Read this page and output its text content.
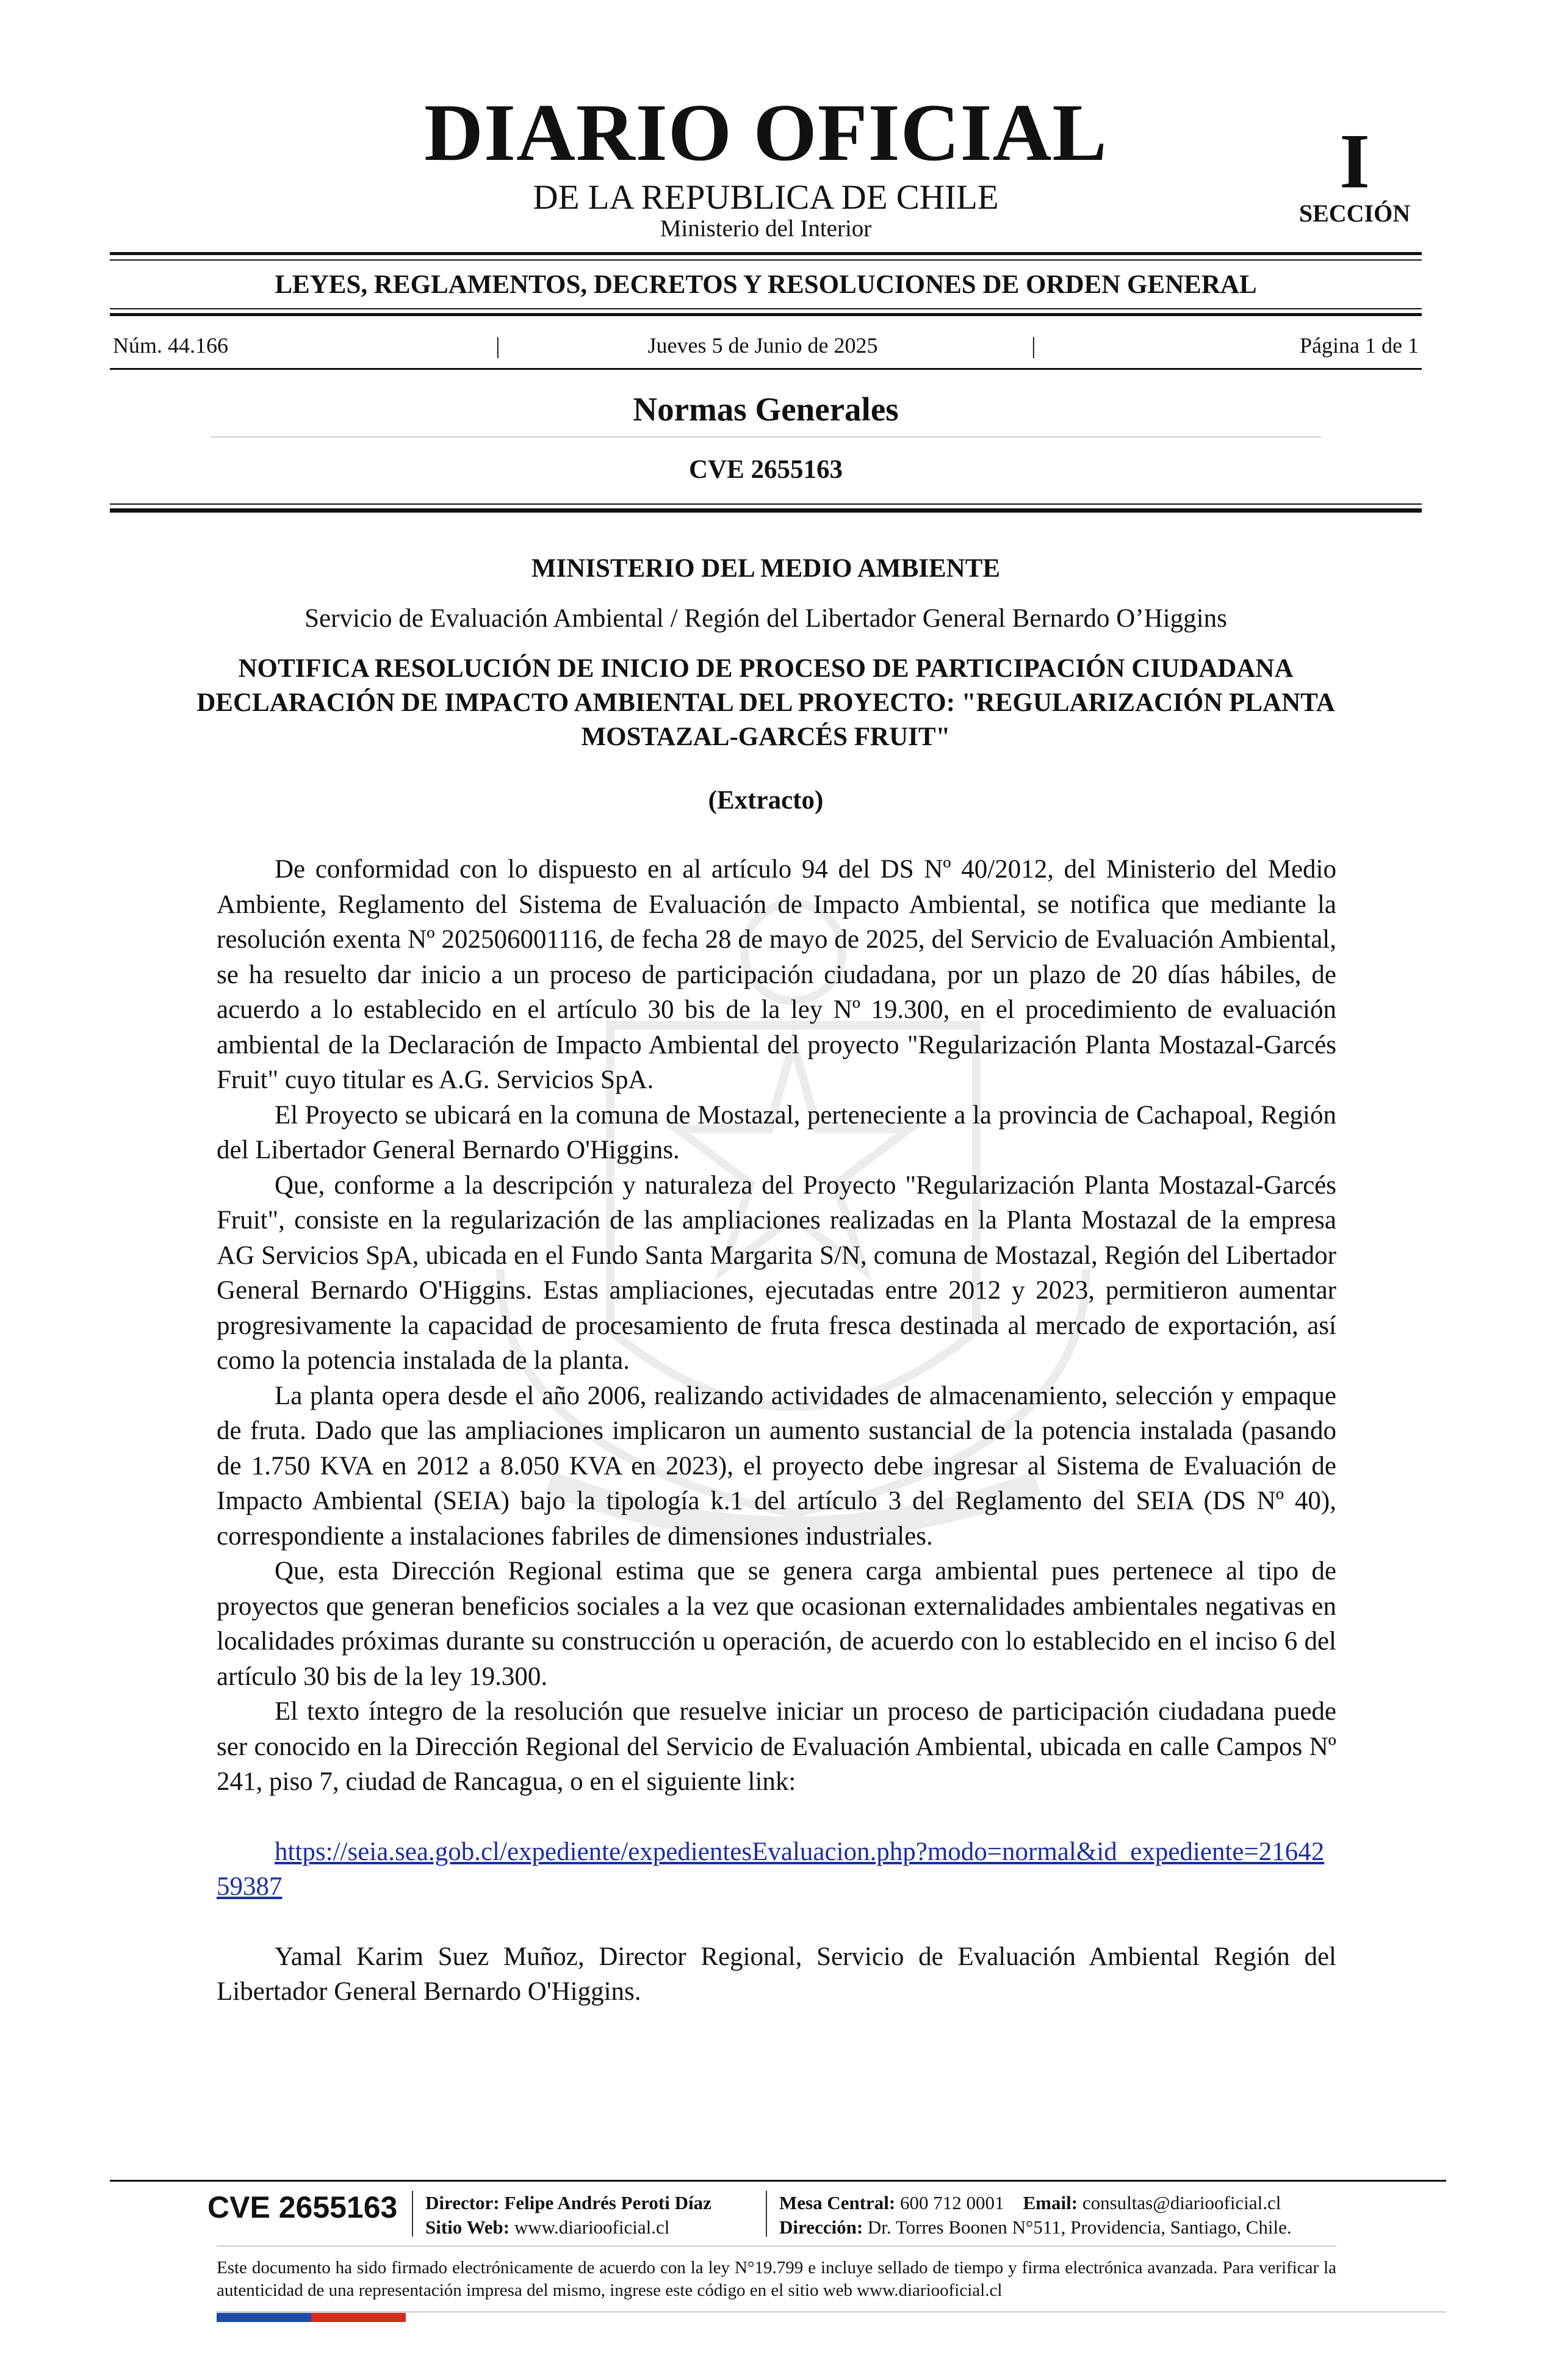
DIARIO OFICIAL
DE LA REPUBLICA DE CHILE
Ministerio del Interior
I
SECCIÓN
LEYES, REGLAMENTOS, DECRETOS Y RESOLUCIONES DE ORDEN GENERAL
Núm. 44.166	|	Jueves 5 de Junio de 2025	|	Página 1 de 1
Normas Generales
CVE 2655163
MINISTERIO DEL MEDIO AMBIENTE
Servicio de Evaluación Ambiental / Región del Libertador General Bernardo O’Higgins
NOTIFICA RESOLUCIÓN DE INICIO DE PROCESO DE PARTICIPACIÓN CIUDADANA DECLARACIÓN DE IMPACTO AMBIENTAL DEL PROYECTO: "REGULARIZACIÓN PLANTA MOSTAZAL-GARCÉS FRUIT"
(Extracto)

De conformidad con lo dispuesto en al artículo 94 del DS Nº 40/2012, del Ministerio del Medio Ambiente, Reglamento del Sistema de Evaluación de Impacto Ambiental, se notifica que mediante la resolución exenta Nº 202506001116, de fecha 28 de mayo de 2025, del Servicio de Evaluación Ambiental, se ha resuelto dar inicio a un proceso de participación ciudadana, por un plazo de 20 días hábiles, de acuerdo a lo establecido en el artículo 30 bis de la ley Nº 19.300, en el procedimiento de evaluación ambiental de la Declaración de Impacto Ambiental del proyecto "Regularización Planta Mostazal-Garcés Fruit" cuyo titular es A.G. Servicios SpA.

El Proyecto se ubicará en la comuna de Mostazal, perteneciente a la provincia de Cachapoal, Región del Libertador General Bernardo O'Higgins.

Que, conforme a la descripción y naturaleza del Proyecto "Regularización Planta Mostazal-Garcés Fruit", consiste en la regularización de las ampliaciones realizadas en la Planta Mostazal de la empresa AG Servicios SpA, ubicada en el Fundo Santa Margarita S/N, comuna de Mostazal, Región del Libertador General Bernardo O'Higgins. Estas ampliaciones, ejecutadas entre 2012 y 2023, permitieron aumentar progresivamente la capacidad de procesamiento de fruta fresca destinada al mercado de exportación, así como la potencia instalada de la planta.

La planta opera desde el año 2006, realizando actividades de almacenamiento, selección y empaque de fruta. Dado que las ampliaciones implicaron un aumento sustancial de la potencia instalada (pasando de 1.750 KVA en 2012 a 8.050 KVA en 2023), el proyecto debe ingresar al Sistema de Evaluación de Impacto Ambiental (SEIA) bajo la tipología k.1 del artículo 3 del Reglamento del SEIA (DS Nº 40), correspondiente a instalaciones fabriles de dimensiones industriales.

Que, esta Dirección Regional estima que se genera carga ambiental pues pertenece al tipo de proyectos que generan beneficios sociales a la vez que ocasionan externalidades ambientales negativas en localidades próximas durante su construcción u operación, de acuerdo con lo establecido en el inciso 6 del artículo 30 bis de la ley 19.300.

El texto íntegro de la resolución que resuelve iniciar un proceso de participación ciudadana puede ser conocido en la Dirección Regional del Servicio de Evaluación Ambiental, ubicada en calle Campos Nº 241, piso 7, ciudad de Rancagua, o en el siguiente link:

https://seia.sea.gob.cl/expediente/expedientesEvaluacion.php?modo=normal&id_expediente=2164259387

Yamal Karim Suez Muñoz, Director Regional, Servicio de Evaluación Ambiental Región del Libertador General Bernardo O'Higgins.

CVE 2655163 Director: Felipe Andrés Peroti Díaz
Sitio Web: www.diariooficial.cl
Mesa Central: 600 712 0001 Email: consultas@diariooficial.cl
Dirección: Dr. Torres Boonen N°511, Providencia, Santiago, Chile.
Este documento ha sido firmado electrónicamente de acuerdo con la ley N°19.799 e incluye sellado de tiempo y firma electrónica avanzada. Para verificar la autenticidad de una representación impresa del mismo, ingrese este código en el sitio web www.diariooficial.cl
